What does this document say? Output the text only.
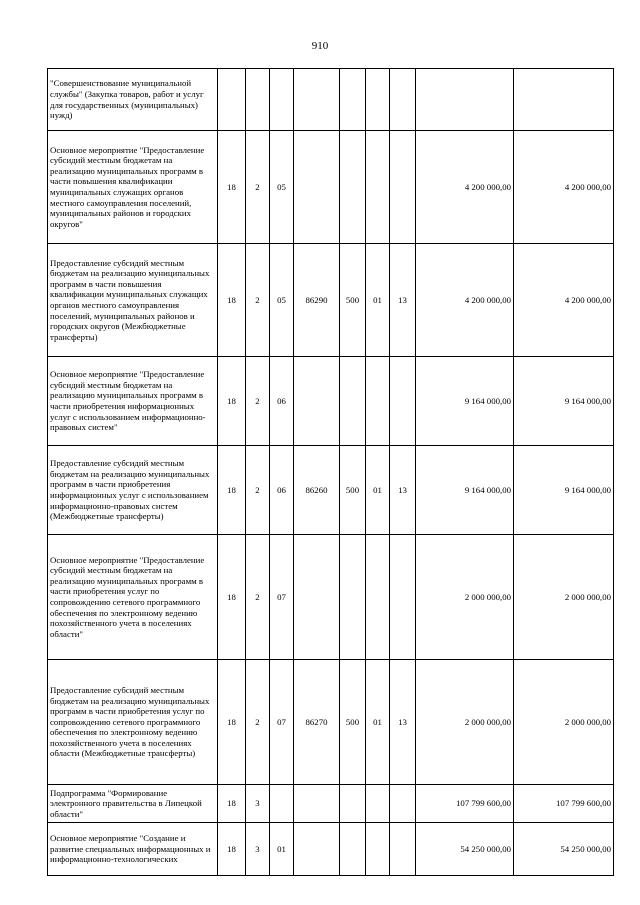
910
"Совершенствование муниципальной службы" (Закупка товаров, работ и услуг для государственных (муниципальных) нужд)									
Основное мероприятие "Предоставление субсидий местным бюджетам на реализацию муниципальных программ в части повышения квалификации муниципальных служащих органов местного самоуправления поселений, муниципальных районов и городских округов"	18	2	05					4 200 000,00	4 200 000,00
Предоставление субсидий местным бюджетам на реализацию муниципальных программ в части повышения квалификации муниципальных служащих органов местного самоуправления поселений, муниципальных районов и городских округов (Межбюджетные трансферты)	18	2	05	86290	500	01	13	4 200 000,00	4 200 000,00
Основное мероприятие "Предоставление субсидий местным бюджетам на реализацию муниципальных программ в части приобретения информационных услуг с использованием информационно-правовых систем"	18	2	06					9 164 000,00	9 164 000,00
Предоставление субсидий местным бюджетам на реализацию муниципальных программ в части приобретения информационных услуг с использованием информационно-правовых систем (Межбюджетные трансферты)	18	2	06	86260	500	01	13	9 164 000,00	9 164 000,00
Основное мероприятие "Предоставление субсидий местным бюджетам на реализацию муниципальных программ в части приобретения услуг по сопровождению сетевого программного обеспечения по электронному ведению похозяйственного учета в поселениях области"	18	2	07					2 000 000,00	2 000 000,00
Предоставление субсидий местным бюджетам на реализацию муниципальных программ в части приобретения услуг по сопровождению сетевого программного обеспечения по электронному ведению похозяйственного учета в поселениях области (Межбюджетные трансферты)	18	2	07	86270	500	01	13	2 000 000,00	2 000 000,00
Подпрограмма "Формирование электронного правительства в Липецкой области"	18	3						107 799 600,00	107 799 600,00
Основное мероприятие "Создание и развитие специальных информационных и информационно-технологических	18	3	01					54 250 000,00	54 250 000,00
